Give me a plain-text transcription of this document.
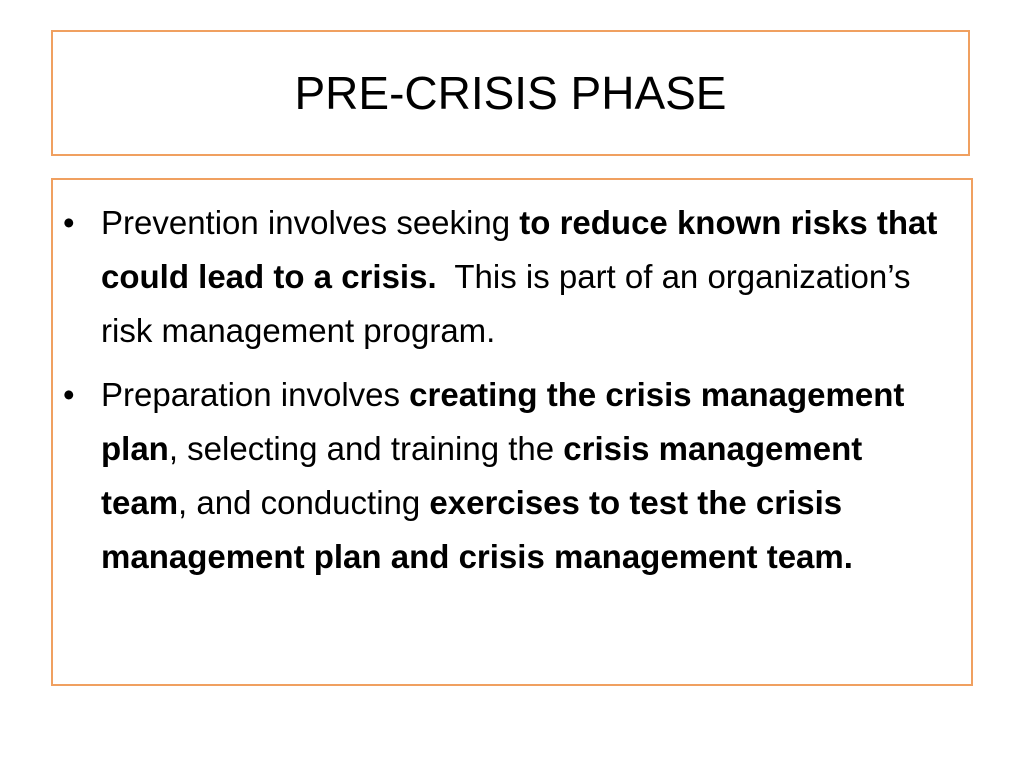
PRE-CRISIS PHASE
• Prevention involves seeking to reduce known risks that could lead to a crisis.  This is part of an organization’s risk management program.
• Preparation involves creating the crisis management plan, selecting and training the crisis management team, and conducting exercises to test the crisis management plan and crisis management team.
